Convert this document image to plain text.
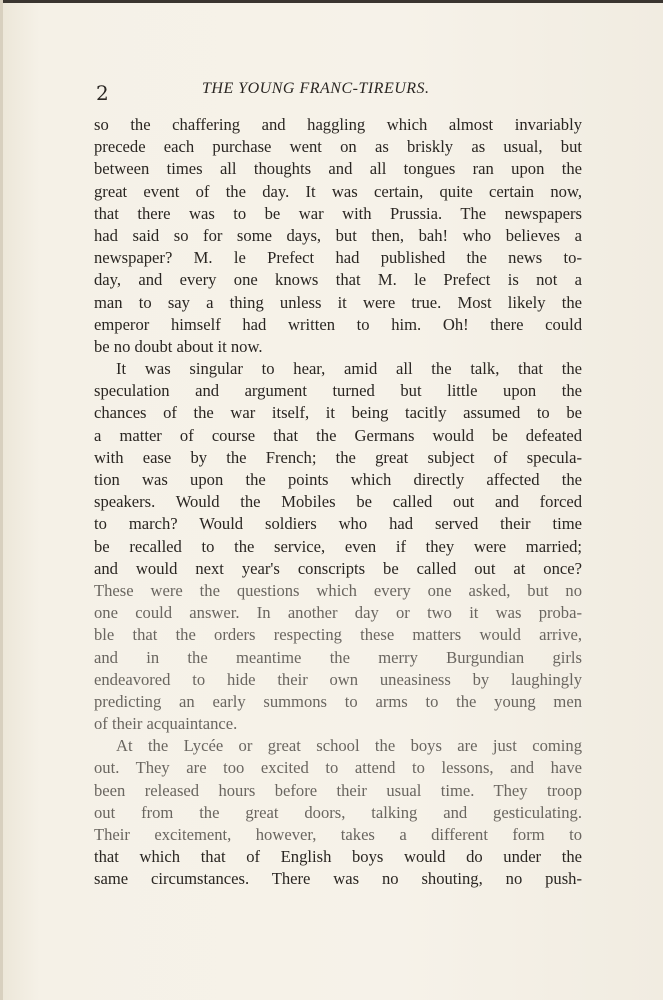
2	THE YOUNG FRANC-TIREURS.
so the chaffering and haggling which almost invariably
precede each purchase went on as briskly as usual, but
between times all thoughts and all tongues ran upon the
great event of the day. It was certain, quite certain now,
that there was to be war with Prussia. The newspapers
had said so for some days, but then, bah! who believes a
newspaper? M. le Prefect had published the news to-
day, and every one knows that M. le Prefect is not a
man to say a thing unless it were true. Most likely the
emperor himself had written to him. Oh! there could
be no doubt about it now.
It was singular to hear, amid all the talk, that the
speculation and argument turned but little upon the
chances of the war itself, it being tacitly assumed to be
a matter of course that the Germans would be defeated
with ease by the French; the great subject of specula-
tion was upon the points which directly affected the
speakers. Would the Mobiles be called out and forced
to march? Would soldiers who had served their time
be recalled to the service, even if they were married;
and would next year's conscripts be called out at once?
These were the questions which every one asked, but no
one could answer. In another day or two it was proba-
ble that the orders respecting these matters would arrive,
and in the meantime the merry Burgundian girls
endeavored to hide their own uneasiness by laughingly
predicting an early summons to arms to the young men
of their acquaintance.
At the Lycée or great school the boys are just coming
out. They are too excited to attend to lessons, and have
been released hours before their usual time. They troop
out from the great doors, talking and gesticulating.
Their excitement, however, takes a different form to
that which that of English boys would do under the
same circumstances. There was no shouting, no push-
